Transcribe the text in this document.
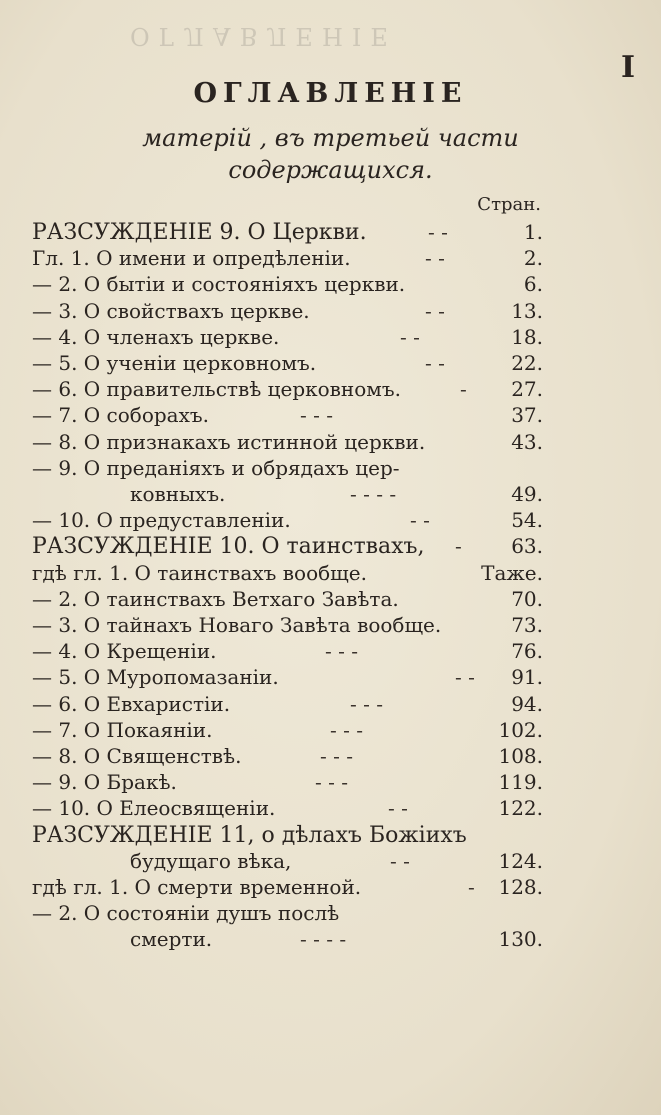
ОГЛАВЛЕНІЕ
I
ОГЛАВЛЕНІЕ
матерій , въ третьей части
содержащихся.
Стран.
РАЗСУЖДЕНІЕ 9. О Церкви.	- -	1.
Гл. 1. О имени и опредѣленіи.	- -	2.
— 2. О бытіи и состояніяхъ церкви.	6.
— 3. О свойствахъ церкве.	- -	13.
— 4. О членахъ церкве.	- -	18.
— 5. О ученіи церковномъ.	- -	22.
— 6. О правительствѣ церковномъ.	- 27.
— 7. О соборахъ.	- - -	37.
— 8. О признакахъ истинной церкви.	43.
— 9. О преданіяхъ и обрядахъ цер-
ковныхъ.	- - - -	49.
— 10. О предуставленіи.	- -	54.
РАЗСУЖДЕНІЕ 10. О таинствахъ, - 63.
гдѣ гл. 1. О таинствахъ вообще.	Таже.
— 2. О таинствахъ Ветхаго Завѣта.	70.
— 3. О тайнахъ Новаго Завѣта вообще.	73.
— 4. О Крещеніи.	- - -	76.
— 5. О Муропомазаніи.	- - 91.
— 6. О Евхаристіи.	- - -	94.
— 7. О Покаяніи.	- - -	102.
— 8. О Священствѣ.	- - -	108.
— 9. О Бракѣ.	- - -	119.
— 10. О Елеосвященіи.	- -	122.
РАЗСУЖДЕНІЕ 11, о дѣлахъ Божіихъ
будущаго вѣка,	- -	124.
гдѣ гл. 1. О смерти временной.	- 128.
— 2. О состояніи душъ послѣ
смерти.	- - - -	130.
